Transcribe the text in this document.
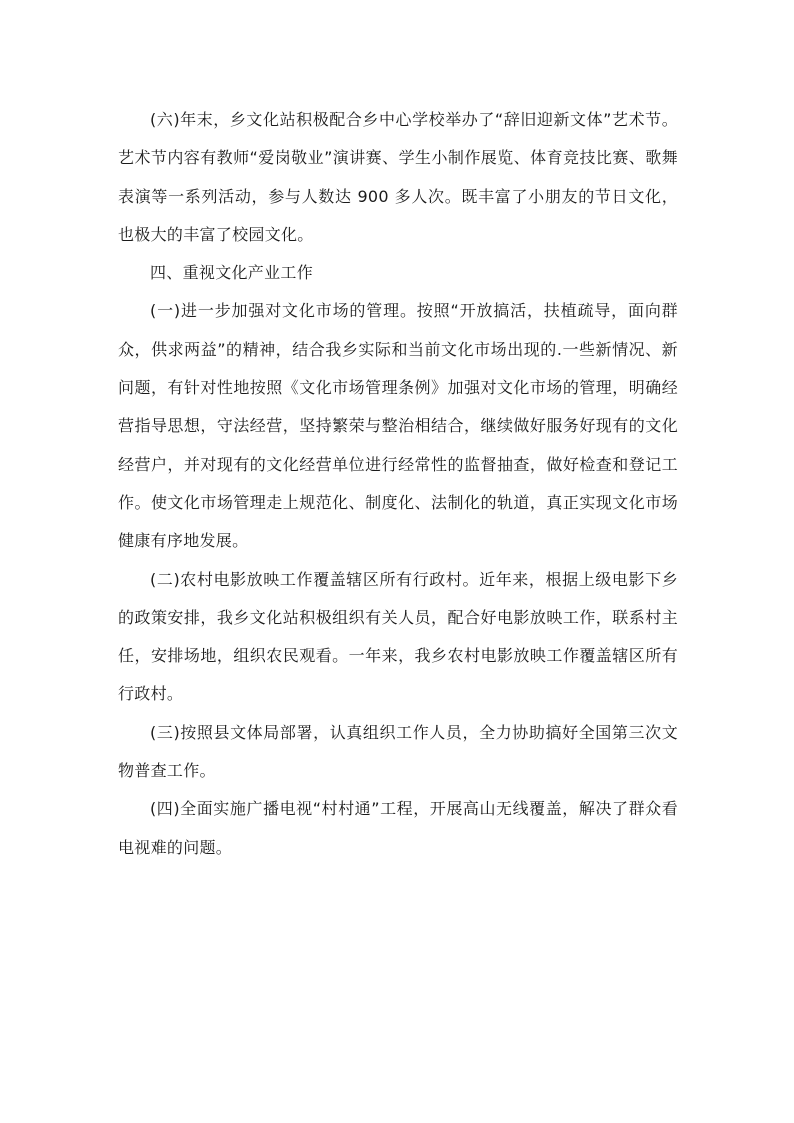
(六)年末，乡文化站积极配合乡中心学校举办了“辞旧迎新文体”艺术节。艺术节内容有教师“爱岗敬业”演讲赛、学生小制作展览、体育竞技比赛、歌舞表演等一系列活动，参与人数达 900 多人次。既丰富了小朋友的节日文化，也极大的丰富了校园文化。

四、重视文化产业工作

(一)进一步加强对文化市场的管理。按照“开放搞活，扶植疏导，面向群众，供求两益”的精神，结合我乡实际和当前文化市场出现的.一些新情况、新问题，有针对性地按照《文化市场管理条例》加强对文化市场的管理，明确经营指导思想，守法经营，坚持繁荣与整治相结合，继续做好服务好现有的文化经营户，并对现有的文化经营单位进行经常性的监督抽查，做好检查和登记工作。使文化市场管理走上规范化、制度化、法制化的轨道，真正实现文化市场健康有序地发展。

(二)农村电影放映工作覆盖辖区所有行政村。近年来，根据上级电影下乡的政策安排，我乡文化站积极组织有关人员，配合好电影放映工作，联系村主任，安排场地，组织农民观看。一年来，我乡农村电影放映工作覆盖辖区所有行政村。

(三)按照县文体局部署，认真组织工作人员，全力协助搞好全国第三次文物普查工作。

(四)全面实施广播电视“村村通”工程，开展高山无线覆盖，解决了群众看电视难的问题。
